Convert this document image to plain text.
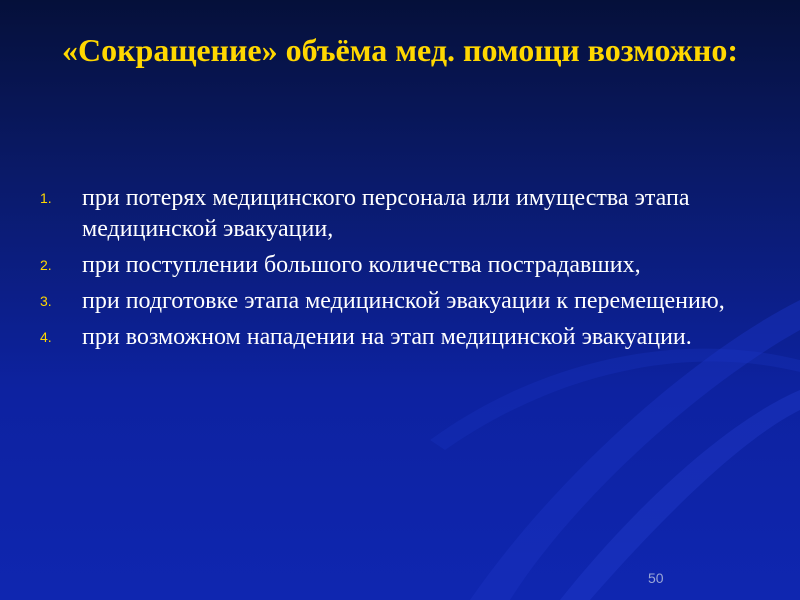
«Сокращение» объёма мед. помощи возможно:
1. при потерях медицинского персонала или имущества этапа медицинской эвакуации,
2. при поступлении большого количества пострадавших,
3. при подготовке этапа медицинской эвакуации к перемещению,
4. при возможном нападении на этап медицинской эвакуации.
50
